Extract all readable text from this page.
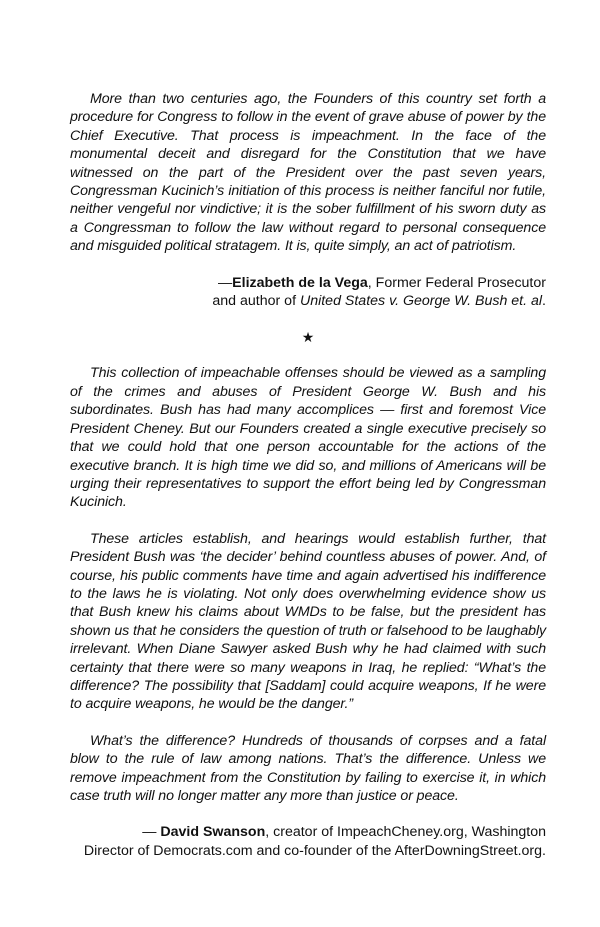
More than two centuries ago, the Founders of this country set forth a procedure for Congress to follow in the event of grave abuse of power by the Chief Executive. That process is impeachment. In the face of the monumental deceit and disregard for the Constitution that we have witnessed on the part of the President over the past seven years, Congressman Kucinich’s initiation of this process is neither fanciful nor futile, neither vengeful nor vindictive; it is the sober fulfillment of his sworn duty as a Congressman to follow the law without regard to personal consequence and misguided political stratagem. It is, quite simply, an act of patriotism.

—Elizabeth de la Vega, Former Federal Prosecutor
and author of United States v. George W. Bush et. al.
★

This collection of impeachable offenses should be viewed as a sampling of the crimes and abuses of President George W. Bush and his subordinates. Bush has had many accomplices — first and foremost Vice President Cheney. But our Founders created a single executive precisely so that we could hold that one person accountable for the actions of the executive branch. It is high time we did so, and millions of Americans will be urging their representatives to support the effort being led by Congressman Kucinich.

These articles establish, and hearings would establish further, that President Bush was ‘the decider’ behind countless abuses of power. And, of course, his public comments have time and again advertised his indifference to the laws he is violating. Not only does overwhelming evidence show us that Bush knew his claims about WMDs to be false, but the president has shown us that he considers the question of truth or falsehood to be laughably irrelevant. When Diane Sawyer asked Bush why he had claimed with such certainty that there were so many weapons in Iraq, he replied: “What’s the difference? The possibility that [Saddam] could acquire weapons, If he were to acquire weapons, he would be the danger.”

What’s the difference? Hundreds of thousands of corpses and a fatal blow to the rule of law among nations. That’s the difference. Unless we remove impeachment from the Constitution by failing to exercise it, in which case truth will no longer matter any more than justice or peace.

— David Swanson, creator of ImpeachCheney.org, Washington
Director of Democrats.com and co-founder of the AfterDowningStreet.org.
